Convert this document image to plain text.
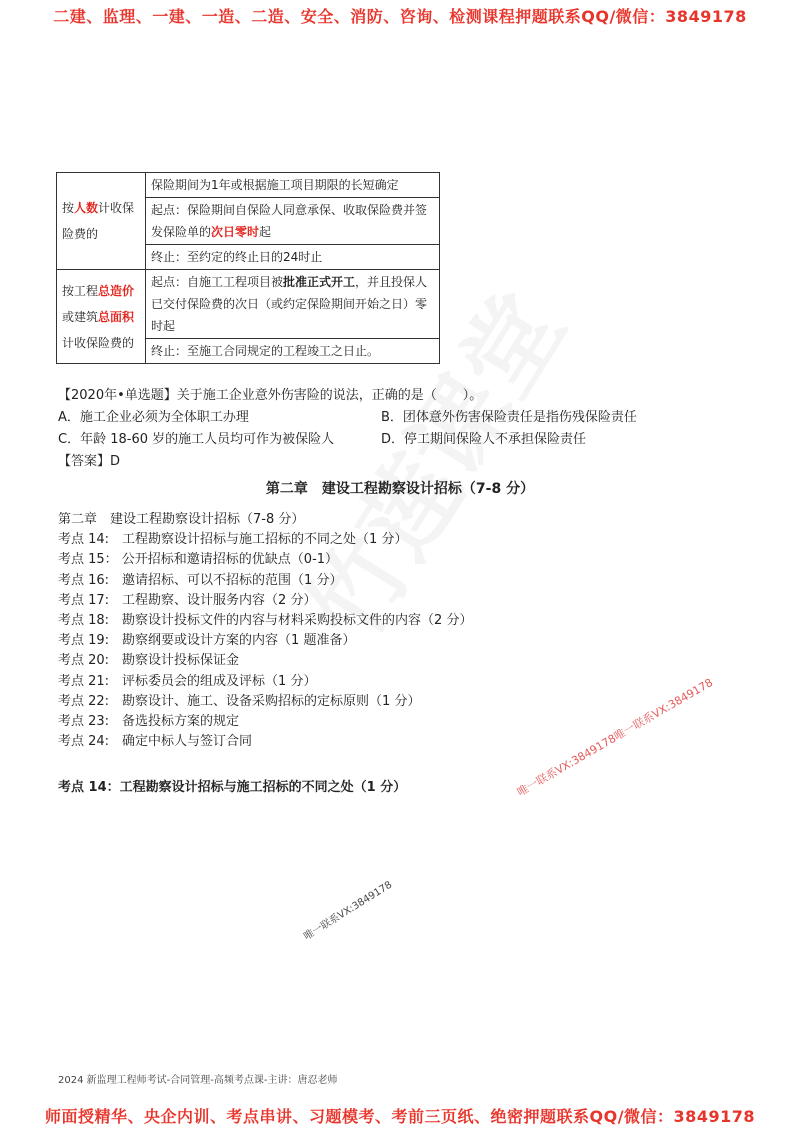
二建、监理、一建、一造、二造、安全、消防、咨询、检测课程押题联系QQ/微信：3849178
按人数计收保险费的	保险期间为1年或根据施工项目期限的长短确定
	起点：保险期间自保险人同意承保、收取保险费并签发保险单的次日零时起
	终止：至约定的终止日的24时止
按工程总造价
或建筑总面积
计收保险费的	起点：自施工工程项目被批准正式开工，并且投保人已交付保险费的次日（或约定保险期间开始之日）零时起
	终止：至施工合同规定的工程竣工之日止。
【2020年•单选题】关于施工企业意外伤害险的说法，正确的是（　　）。
A．施工企业必须为全体职工办理	B．团体意外伤害保险责任是指伤残保险责任
C．年龄 18-60 岁的施工人员均可作为被保险人	D．停工期间保险人不承担保险责任
【答案】D
第二章　建设工程勘察设计招标（7-8 分）
第二章　建设工程勘察设计招标（7-8 分）
考点 14:　工程勘察设计招标与施工招标的不同之处（1 分）
考点 15： 公开招标和邀请招标的优缺点（0-1）
考点 16:　邀请招标、可以不招标的范围（1 分）
考点 17:　工程勘察、设计服务内容（2 分）
考点 18:　勘察设计投标文件的内容与材料采购投标文件的内容（2 分）
考点 19:　勘察纲要或设计方案的内容（1 题准备）
考点 20:　勘察设计投标保证金
考点 21:　评标委员会的组成及评标（1 分）
考点 22:　勘察设计、施工、设备采购招标的定标原则（1 分）
考点 23:　备选投标方案的规定
考点 24:　确定中标人与签订合同
考点 14：工程勘察设计招标与施工招标的不同之处（1 分）	唯一联系VX:3849178唯一联系VX:3849178
唯一联系VX:3849178
2024 新监理工程师考试-合同管理-高频考点课-主讲：唐忍老师
师面授精华、央企内训、考点串讲、习题模考、考前三页纸、绝密押题联系QQ/微信：3849178
